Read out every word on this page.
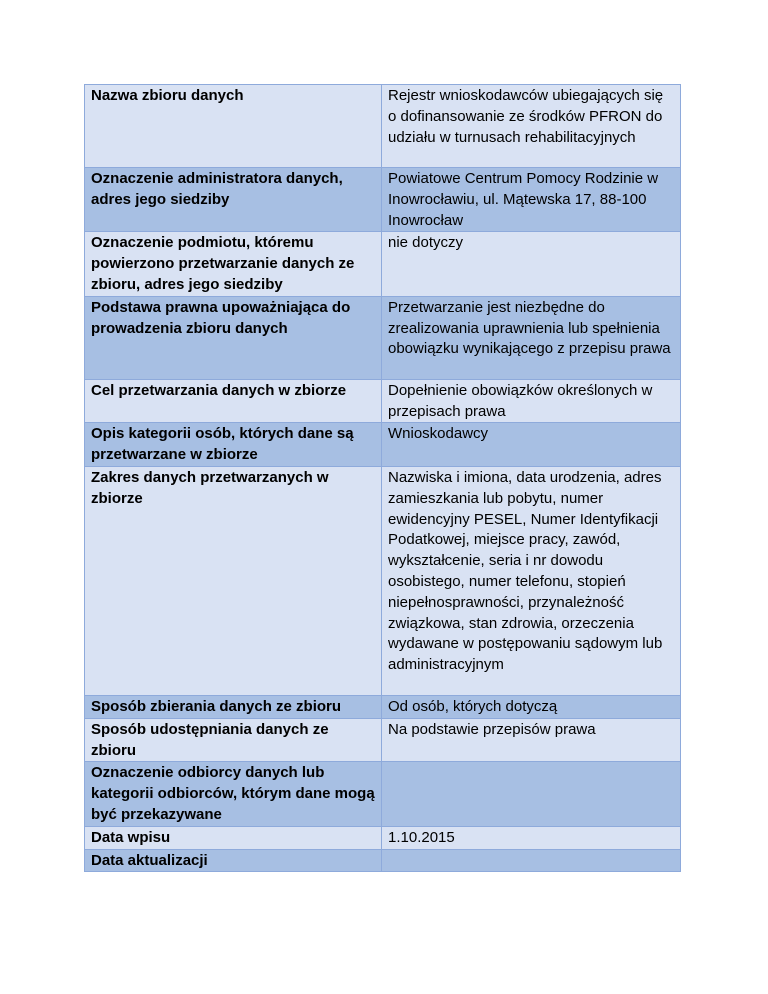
Nazwa zbioru danych	Rejestr wnioskodawców ubiegających się o dofinansowanie ze środków PFRON do udziału w turnusach rehabilitacyjnych
Oznaczenie administratora danych, adres jego siedziby	Powiatowe Centrum Pomocy Rodzinie w Inowrocławiu, ul. Mątewska 17, 88-100 Inowrocław
Oznaczenie podmiotu, któremu powierzono przetwarzanie danych ze zbioru, adres jego siedziby	nie dotyczy
Podstawa prawna upoważniająca do prowadzenia zbioru danych	Przetwarzanie jest niezbędne do zrealizowania uprawnienia lub spełnienia obowiązku wynikającego z przepisu prawa
Cel przetwarzania danych w zbiorze	Dopełnienie obowiązków określonych w przepisach prawa
Opis kategorii osób, których dane są przetwarzane w zbiorze	Wnioskodawcy
Zakres danych przetwarzanych w zbiorze	Nazwiska i imiona, data urodzenia, adres zamieszkania lub pobytu, numer ewidencyjny PESEL, Numer Identyfikacji Podatkowej, miejsce pracy, zawód, wykształcenie, seria i nr dowodu osobistego, numer telefonu, stopień niepełnosprawności, przynależność związkowa, stan zdrowia, orzeczenia wydawane w postępowaniu sądowym lub administracyjnym
Sposób zbierania danych ze zbioru	Od osób, których dotyczą
Sposób udostępniania danych ze zbioru	Na podstawie przepisów prawa
Oznaczenie odbiorcy danych lub kategorii odbiorców, którym dane mogą być przekazywane	
Data wpisu	1.10.2015
Data aktualizacji	
